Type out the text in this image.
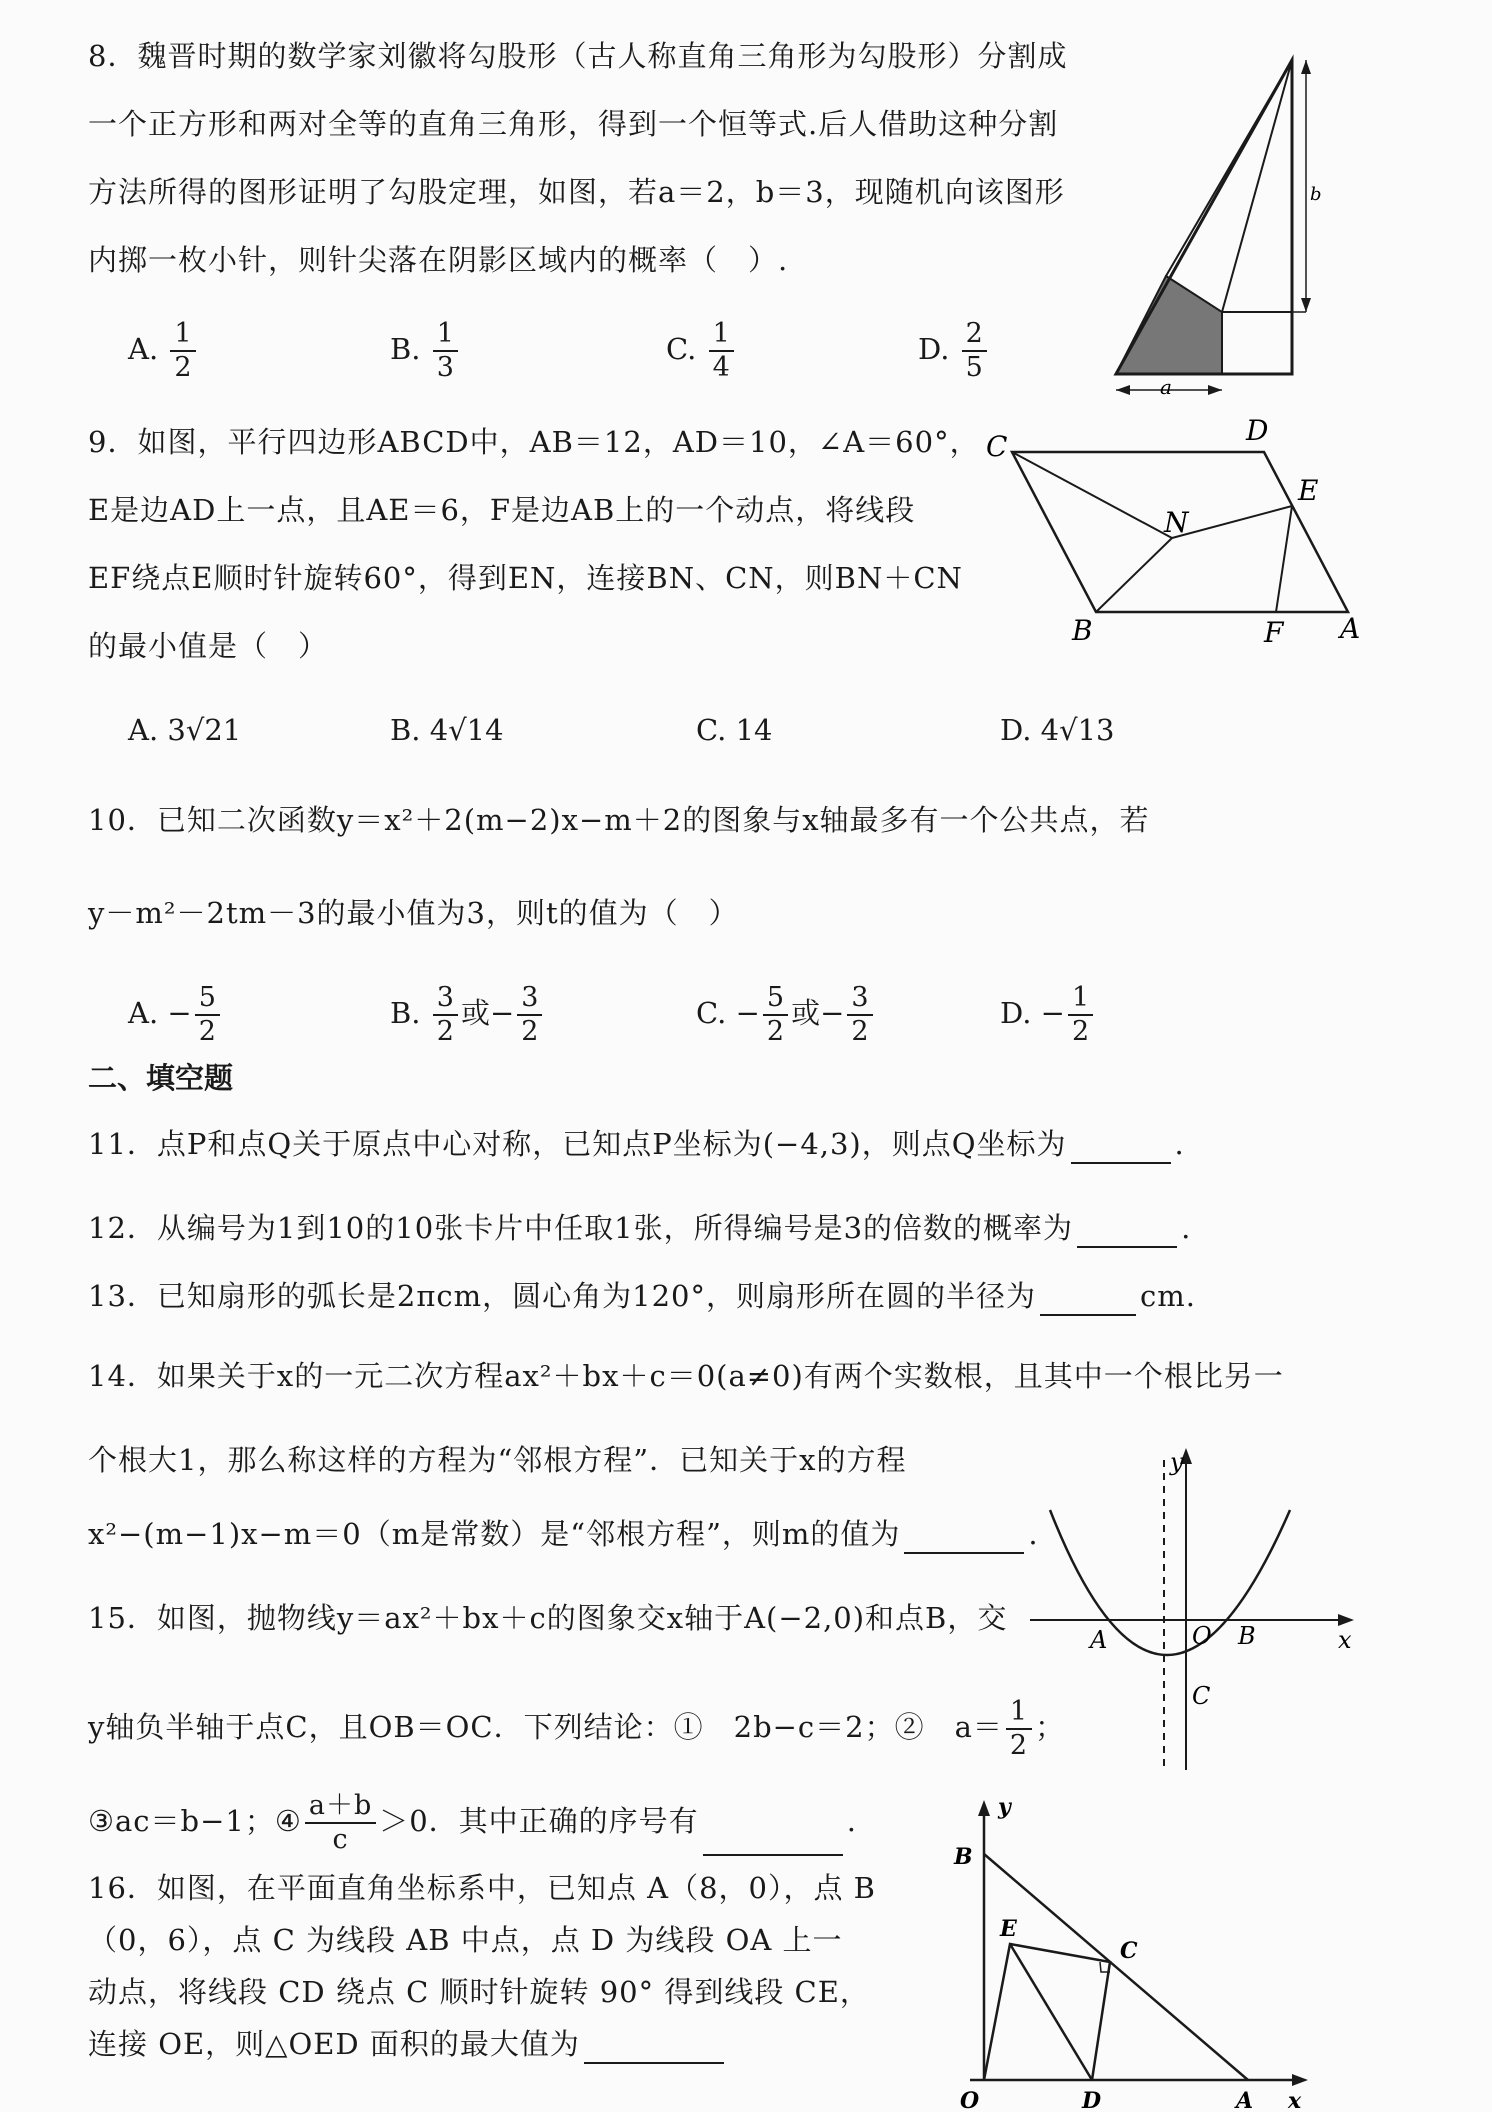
8．魏晋时期的数学家刘徽将勾股形（古人称直角三角形为勾股形）分割成
一个正方形和两对全等的直角三角形，得到一个恒等式.后人借助这种分割
方法所得的图形证明了勾股定理，如图，若a＝2，b＝3，现随机向该图形
内掷一枚小针，则针尖落在阴影区域内的概率（　）.
A. $\frac{1}{2}$	B. $\frac{1}{3}$	C. $\frac{1}{4}$	D. $\frac{2}{5}$
b
a
9．如图，平行四边形ABCD中，AB＝12，AD＝10，∠A＝60°，
E是边AD上一点，且AE＝6，F是边AB上的一个动点，将线段
EF绕点E顺时针旋转60°，得到EN，连接BN、CN，则BN＋CN
的最小值是（　）
A. 3√21	B. 4√14	C. 14	D. 4√13
C	D
E
N
B	F A
10．已知二次函数y＝x²＋2(m−2)x−m＋2的图象与x轴最多有一个公共点，若
y－m²－2tm－3的最小值为3，则t的值为（　）
A. − $\frac{5}{2}$	B. $\frac{3}{2}$ 或− $\frac{3}{2}$	C. − $\frac{5}{2}$ 或− $\frac{3}{2}$	D. − $\frac{1}{2}$
二、填空题
11．点P和点Q关于原点中心对称，已知点P坐标为(−4,3)，则点Q坐标为	.
12．从编号为1到10的10张卡片中任取1张，所得编号是3的倍数的概率为	.
13．已知扇形的弧长是2πcm，圆心角为120°，则扇形所在圆的半径为	cm.
14．如果关于x的一元二次方程ax²＋bx＋c＝0(a≠0)有两个实数根，且其中一个根比另一
个根大1，那么称这样的方程为“邻根方程”．已知关于x的方程
x²−(m−1)x−m＝0（m是常数）是“邻根方程”，则m的值为	.
15．如图，抛物线y＝ax²＋bx＋c的图象交x轴于A(−2,0)和点B，交
y轴负半轴于点C，且OB＝OC．下列结论：①　2b−c＝2；②　$a= \frac{1}{2}$ ；
③ac＝b−1；④ $\frac{a+b}{c} >0$．其中正确的序号有	.
y
A	O B	x
C
16．如图，在平面直角坐标系中，已知点 A（8，0），点 B
（0，6），点 C 为线段 AB 中点，点 D 为线段 OA 上一
动点，将线段 CD 绕点 C 顺时针旋转 90° 得到线段 CE，
连接 OE，则△OED 面积的最大值为
y
B
E
C
O	D	A x
